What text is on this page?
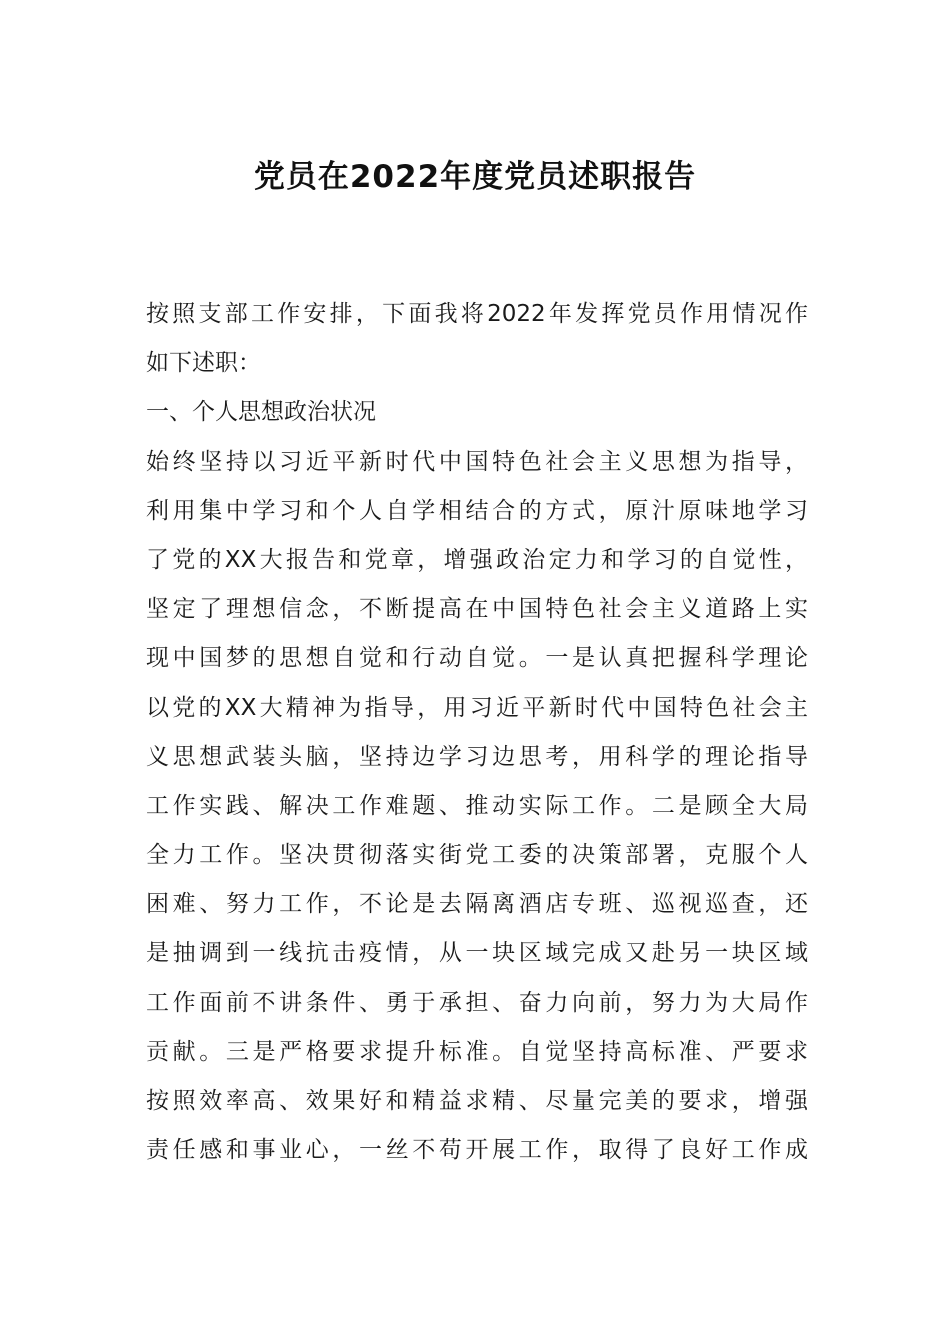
党员在2022年度党员述职报告
按照支部工作安排，下面我将2022年发挥党员作用情况作
如下述职：
一、个人思想政治状况
始终坚持以习近平新时代中国特色社会主义思想为指导，
利用集中学习和个人自学相结合的方式，原汁原味地学习
了党的XX大报告和党章，增强政治定力和学习的自觉性，
坚定了理想信念，不断提高在中国特色社会主义道路上实
现中国梦的思想自觉和行动自觉。一是认真把握科学理论
以党的XX大精神为指导，用习近平新时代中国特色社会主
义思想武装头脑，坚持边学习边思考，用科学的理论指导
工作实践、解决工作难题、推动实际工作。二是顾全大局
全力工作。坚决贯彻落实街党工委的决策部署，克服个人
困难、努力工作，不论是去隔离酒店专班、巡视巡查，还
是抽调到一线抗击疫情，从一块区域完成又赴另一块区域
工作面前不讲条件、勇于承担、奋力向前，努力为大局作
贡献。三是严格要求提升标准。自觉坚持高标准、严要求
按照效率高、效果好和精益求精、尽量完美的要求，增强
责任感和事业心，一丝不苟开展工作，取得了良好工作成
